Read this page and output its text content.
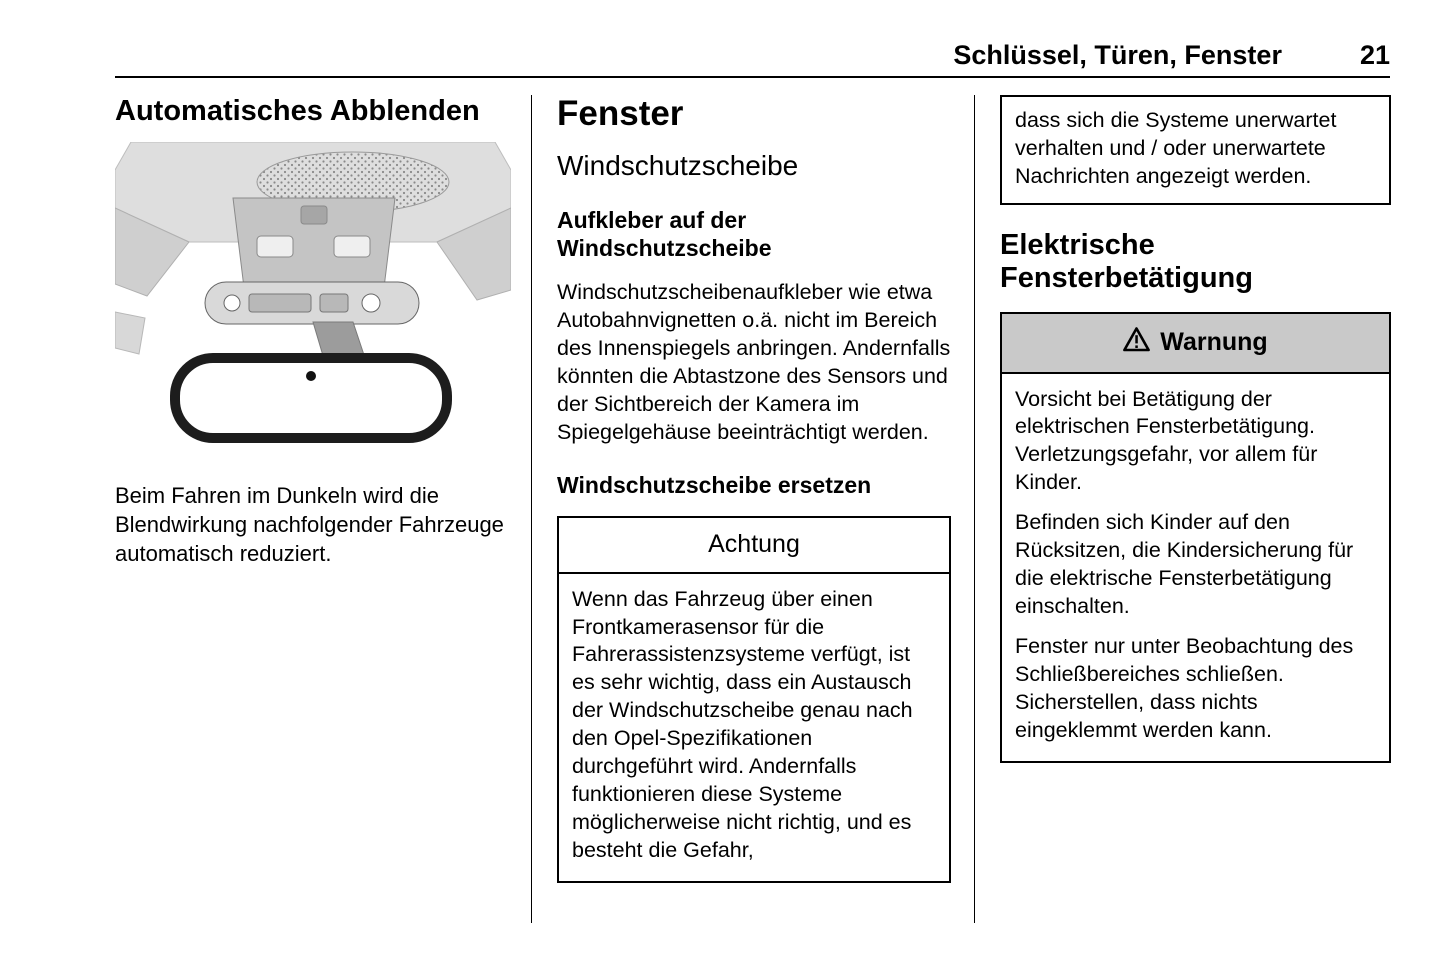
Schlüssel, Türen, Fenster	21
Automatisches Abblenden

Beim Fahren im Dunkeln wird die Blendwirkung nachfolgender Fahrzeuge automatisch reduziert.

Fenster
Windschutzscheibe
Aufkleber auf der Windschutzscheibe

Windschutzscheibenaufkleber wie etwa Autobahnvignetten o.ä. nicht im Bereich des Innenspiegels anbringen. Andernfalls könnten die Abtastzone des Sensors und der Sichtbereich der Kamera im Spiegelgehäuse beeinträchtigt werden.

Windschutzscheibe ersetzen
Achtung
Wenn das Fahrzeug über einen Frontkamerasensor für die Fahrerassistenzsysteme verfügt, ist es sehr wichtig, dass ein Austausch der Windschutzscheibe genau nach den Opel-Spezifikationen durchgeführt wird. Andernfalls funktionieren diese Systeme möglicherweise nicht richtig, und es besteht die Gefahr,
dass sich die Systeme unerwartet verhalten und / oder unerwartete Nachrichten angezeigt werden.
Elektrische Fensterbetätigung
Warnung

Vorsicht bei Betätigung der elektrischen Fensterbetätigung. Verletzungsgefahr, vor allem für Kinder.

Befinden sich Kinder auf den Rücksitzen, die Kindersicherung für die elektrische Fensterbetätigung einschalten.

Fenster nur unter Beobachtung des Schließbereiches schließen. Sicherstellen, dass nichts eingeklemmt werden kann.
